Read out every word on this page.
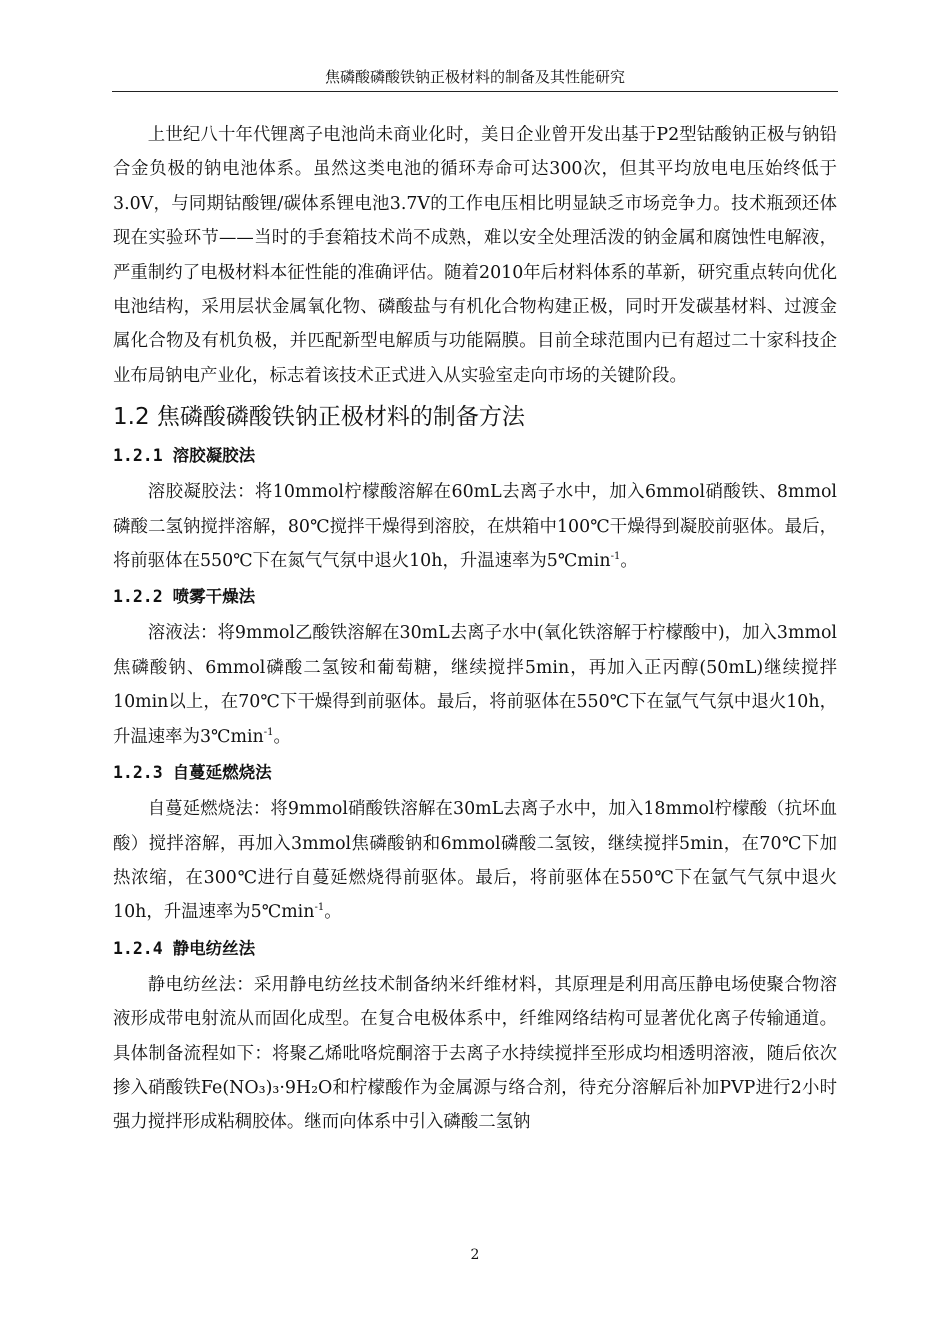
焦磷酸磷酸铁钠正极材料的制备及其性能研究

上世纪八十年代锂离子电池尚未商业化时，美日企业曾开发出基于P2型钴酸钠正极与钠铅合金负极的钠电池体系。虽然这类电池的循环寿命可达300次，但其平均放电电压始终低于3.0V，与同期钴酸锂/碳体系锂电池3.7V的工作电压相比明显缺乏市场竞争力。技术瓶颈还体现在实验环节——当时的手套箱技术尚不成熟，难以安全处理活泼的钠金属和腐蚀性电解液，严重制约了电极材料本征性能的准确评估。随着2010年后材料体系的革新，研究重点转向优化电池结构，采用层状金属氧化物、磷酸盐与有机化合物构建正极，同时开发碳基材料、过渡金属化合物及有机负极，并匹配新型电解质与功能隔膜。目前全球范围内已有超过二十家科技企业布局钠电产业化，标志着该技术正式进入从实验室走向市场的关键阶段。

1.2 焦磷酸磷酸铁钠正极材料的制备方法
1.2.1 溶胶凝胶法

溶胶凝胶法：将10mmol柠檬酸溶解在60mL去离子水中，加入6mmol硝酸铁、8mmol磷酸二氢钠搅拌溶解，80℃搅拌干燥得到溶胶，在烘箱中100℃干燥得到凝胶前驱体。最后，将前驱体在550℃下在氮气气氛中退火10h，升温速率为$5℃\min^{-1}$。

1.2.2 喷雾干燥法

溶液法：将9mmol乙酸铁溶解在30mL去离子水中(氧化铁溶解于柠檬酸中)，加入3mmol焦磷酸钠、6mmol磷酸二氢铵和葡萄糖，继续搅拌5min，再加入正丙醇(50mL)继续搅拌10min以上，在70℃下干燥得到前驱体。最后，将前驱体在550℃下在氩气气氛中退火10h，升温速率为$3℃\min^{-1}$。

1.2.3 自蔓延燃烧法

自蔓延燃烧法：将9mmol硝酸铁溶解在30mL去离子水中，加入18mmol柠檬酸（抗坏血酸）搅拌溶解，再加入3mmol焦磷酸钠和6mmol磷酸二氢铵，继续搅拌5min，在70℃下加热浓缩，在300℃进行自蔓延燃烧得前驱体。最后，将前驱体在550℃下在氩气气氛中退火10h，升温速率为$5℃\min^{-1}$。

1.2.4 静电纺丝法

静电纺丝法：采用静电纺丝技术制备纳米纤维材料，其原理是利用高压静电场使聚合物溶液形成带电射流从而固化成型。在复合电极体系中，纤维网络结构可显著优化离子传输通道。具体制备流程如下：将聚乙烯吡咯烷酮溶于去离子水持续搅拌至形成均相透明溶液，随后依次掺入硝酸铁Fe(NO₃)₃·9H₂O和柠檬酸作为金属源与络合剂，待充分溶解后补加PVP进行2小时强力搅拌形成粘稠胶体。继而向体系中引入磷酸二氢钠

2
